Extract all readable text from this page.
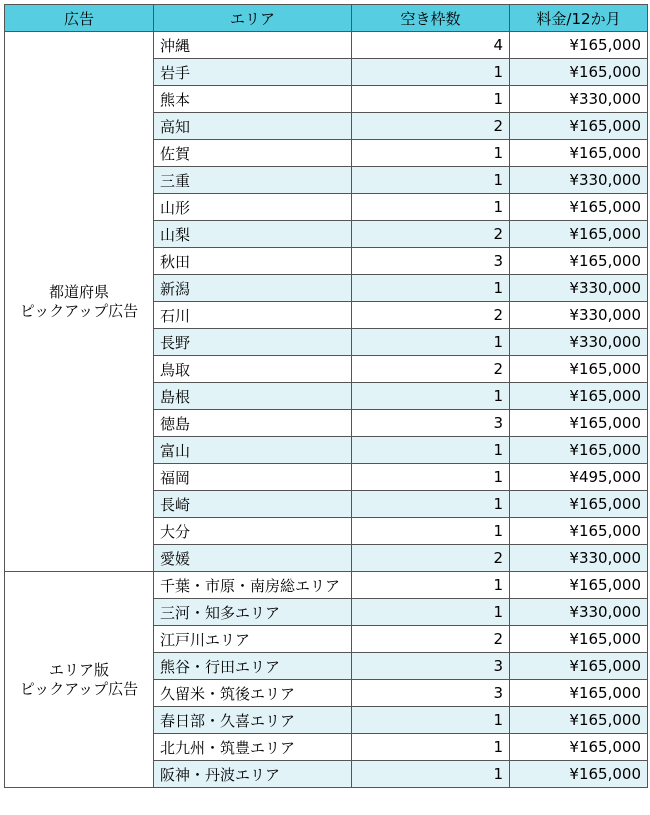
広告	エリア	空き枠数	料金/12か月

都道府県
ピックアップ広告	沖縄	4	¥165,000
	岩手	1	¥165,000
	熊本	1	¥330,000
	高知	2	¥165,000
	佐賀	1	¥165,000
	三重	1	¥330,000
	山形	1	¥165,000
	山梨	2	¥165,000
	秋田	3	¥165,000
	新潟	1	¥330,000
	石川	2	¥330,000
	長野	1	¥330,000
	鳥取	2	¥165,000
	島根	1	¥165,000
	徳島	3	¥165,000
	富山	1	¥165,000
	福岡	1	¥495,000
	長崎	1	¥165,000
	大分	1	¥165,000
	愛媛	2	¥330,000

エリア版
ピックアップ広告	千葉・市原・南房総エリア	1	¥165,000
	三河・知多エリア	1	¥330,000
	江戸川エリア	2	¥165,000
	熊谷・行田エリア	3	¥165,000
	久留米・筑後エリア	3	¥165,000
	春日部・久喜エリア	1	¥165,000
	北九州・筑豊エリア	1	¥165,000
	阪神・丹波エリア	1	¥165,000
